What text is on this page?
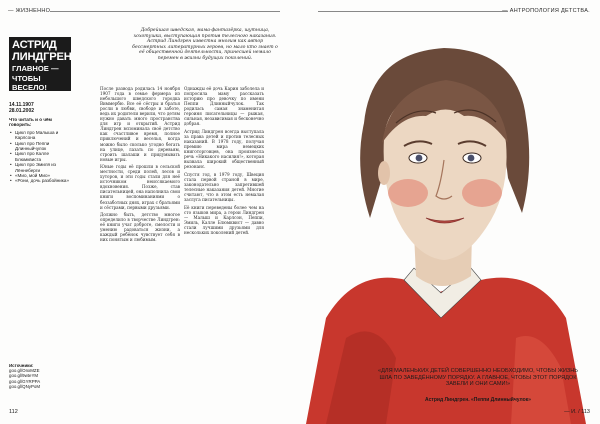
— ЖИЗНЕННО.	— АНТРОПОЛОГИЯ ДЕТСТВА.
АСТРИД
ЛИНДГРЕН
ГЛАВНОЕ —
ЧТОБЫ ВЕСЕЛО!
14.11.1907
28.01.2002
Что читать и о чём говорить:
• Цикл про Малыша и Карлсона
• Цикл про Пеппи Длинныйчулок
• Цикл про Калле Блюмквиста
• Цикл про Эмиля из Лённеберги
• «Мио, мой Мио»
• «Рони, дочь разбойника»
Источники:
goo.gl/OnxMZE
goo.gl/9wteYM
goo.gl/GYRPPA
goo.gl/QNyPoM
Добрейшая шведская, мама-фантазёрка, шутница, хохотушка, выступающая против телесного наказания. Астрид Линдгрен известна многим как автор бессмертных литературных героев, но мало кто знает о её общественной деятельности, принесшей немало перемен в жизни будущих поколений.

После развода родилась 14 ноября 1907 года в семье фермера из небольшого шведского городка Виммербю. Все её сёстры и братья росли в любви, свободе и заботе, ведь их родители верили, что детям нужно давать много пространства для игр и открытий. Астрид Линдгрен вспоминала своё детство как счастливое время, полное приключений и веселья, когда можно было сколько угодно бегать на улице, лазать по деревьям, строить шалаши и придумывать новые игры.

Юные годы её прошли в сельской местности, среди полей, лесов и хуторов, и эти годы стали для неё источником неиссякаемого вдохновения. Позже, став писательницей, она наполнила свои книги воспоминаниями о беззаботных днях, играх с братьями и сёстрами, первыми друзьями.

Должно быть, детство многое определило в творчестве Линдгрен: её книги учат доброте, смелости и умению радоваться жизни, а каждый ребёнок чувствует себя в них понятым и любимым.

Однажды её дочь Карин заболела и попросила маму рассказать историю про девочку по имени Пеппи Длинныйчулок. Так родилась самая знаменитая героиня писательницы — рыжая, сильная, независимая и бесконечно добрая.

Астрид Линдгрен всегда выступала за права детей и против телесных наказаний. В 1978 году, получая премию мира немецких книготорговцев, она произнесла речь «Никакого насилия!», которая вызвала широкий общественный резонанс.

Спустя год, в 1979 году, Швеция стала первой страной в мире, законодательно запретившей телесные наказания детей. Многие считают, что в этом есть немалая заслуга писательницы.

Её книги переведены более чем на сто языков мира, а герои Линдгрен — Малыш и Карлсон, Пеппи, Эмиль, Калле Блюмквист — давно стали лучшими друзьями для нескольких поколений детей.

«ДЛЯ МАЛЕНЬКИХ ДЕТЕЙ СОВЕРШЕННО НЕОБХОДИМО, ЧТОБЫ ЖИЗНЬ ШЛА ПО ЗАВЕДЁННОМУ ПОРЯДКУ. А ГЛАВНОЕ, ЧТОБЫ ЭТОТ ПОРЯДОК ЗАВЕЛИ И ОНИ САМИ!»
Астрид Линдгрен. «Пеппи Длинныйчулок»
112	— И. / 113
